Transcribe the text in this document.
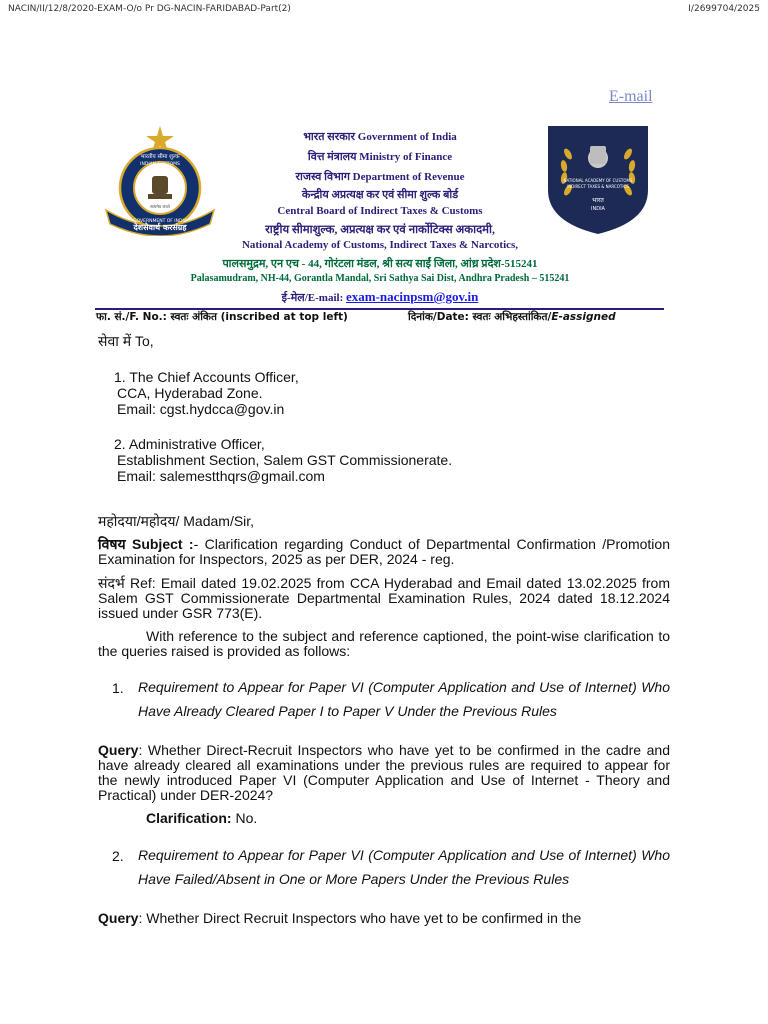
NACIN/II/12/8/2020-EXAM-O/o Pr DG-NACIN-FARIDABAD-Part(2)	I/2699704/2025
E-mail
सत्यमेव जयते
भारतीय सीमा शुल्क
INDIAN CUSTOMS
GOVERNMENT OF INDIA
देशसेवार्थ करसंग्रह
NATIONAL ACADEMY OF CUSTOMS
INDIRECT TAXES & NARCOTICS
भारत
INDIA
भारत सरकार Government of India
वित्त मंत्रालय Ministry of Finance
राजस्व विभाग Department of Revenue
केन्द्रीय अप्रत्यक्ष कर एवं सीमा शुल्क बोर्ड
Central Board of Indirect Taxes & Customs
राष्ट्रीय सीमाशुल्क, अप्रत्यक्ष कर एवं नार्कोटिक्स अकादमी,
National Academy of Customs, Indirect Taxes & Narcotics,
पालसमुद्रम, एन एच - 44, गोरंटला मंडल, श्री सत्य साईं जिला, आंध्र प्रदेश-515241
Palasamudram, NH-44, Gorantla Mandal, Sri Sathya Sai Dist, Andhra Pradesh – 515241
ई-मेल/E-mail: exam-nacinpsm@gov.in
फा. सं./F. No.: स्वतः अंकित (inscribed at top left)	दिनांक/Date: स्वतः अभिहस्तांकित/E-assigned
सेवा में To,
1. The Chief Accounts Officer,
CCA, Hyderabad Zone.
Email: cgst.hydcca@gov.in
2. Administrative Officer,
Establishment Section, Salem GST Commissionerate.
Email: salemestthqrs@gmail.com
महोदया/महोदय/ Madam/Sir,
विषय Subject :- Clarification regarding Conduct of Departmental Confirmation /Promotion Examination for Inspectors, 2025 as per DER, 2024 - reg.
संदर्भ Ref: Email dated 19.02.2025 from CCA Hyderabad and Email dated 13.02.2025 from Salem GST Commissionerate Departmental Examination Rules, 2024 dated 18.12.2024 issued under GSR 773(E).
With reference to the subject and reference captioned, the point-wise clarification to the queries raised is provided as follows:
1.	Requirement to Appear for Paper VI (Computer Application and Use of Internet) Who Have Already Cleared Paper I to Paper V Under the Previous Rules
Query: Whether Direct-Recruit Inspectors who have yet to be confirmed in the cadre and have already cleared all examinations under the previous rules are required to appear for the newly introduced Paper VI (Computer Application and Use of Internet - Theory and Practical) under DER-2024?
Clarification: No.
2.	Requirement to Appear for Paper VI (Computer Application and Use of Internet) Who Have Failed/Absent in One or More Papers Under the Previous Rules
Query: Whether Direct Recruit Inspectors who have yet to be confirmed in the
